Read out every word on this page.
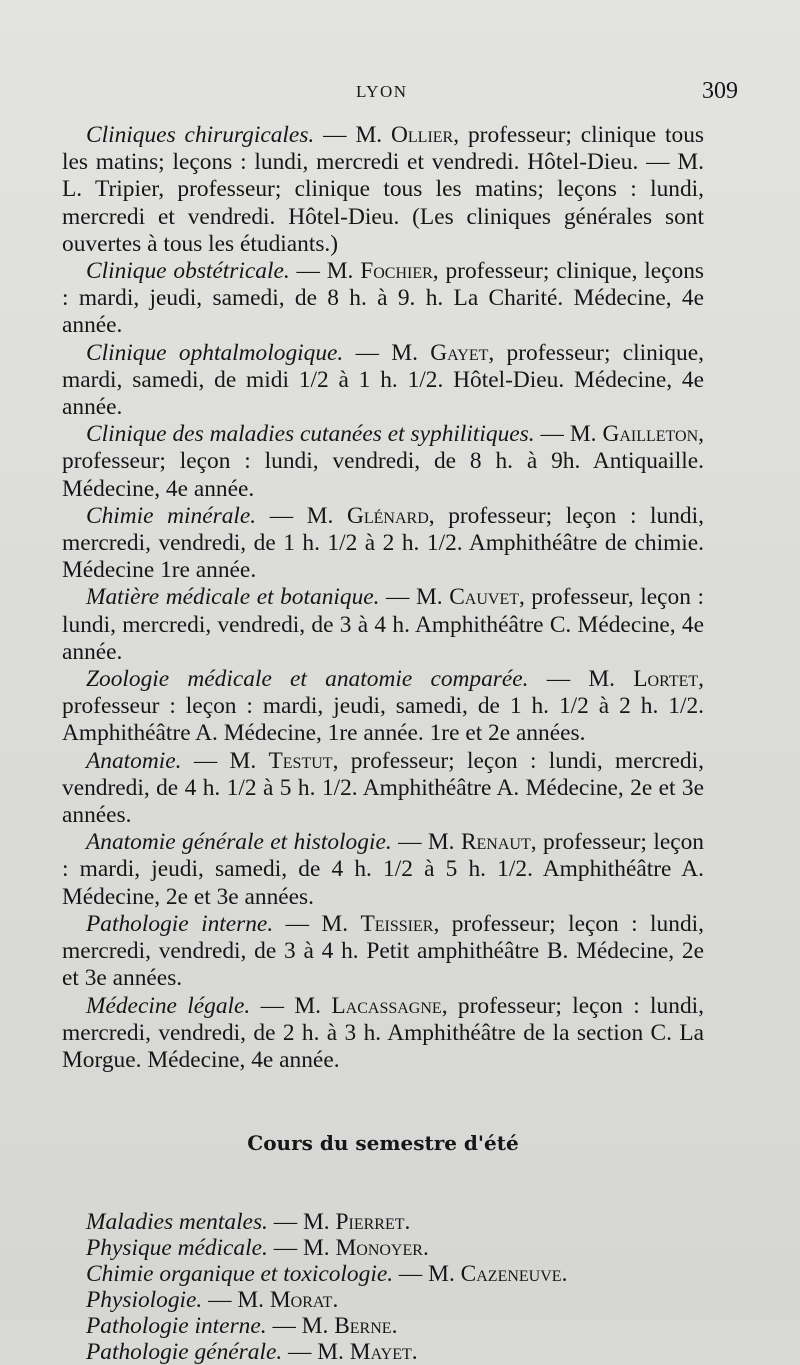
LYON	309

Cliniques chirurgicales. — M. Ollier, professeur; clinique tous les matins; leçons : lundi, mercredi et vendredi. Hôtel-Dieu. — M. L. Tripier, professeur; clinique tous les matins; leçons : lundi, mercredi et vendredi. Hôtel-Dieu. (Les cliniques générales sont ouvertes à tous les étudiants.)

Clinique obstétricale. — M. Fochier, professeur; clinique, leçons : mardi, jeudi, samedi, de 8 h. à 9. h. La Charité. Médecine, 4e année.

Clinique ophtalmologique. — M. Gayet, professeur; clinique, mardi, samedi, de midi 1/2 à 1 h. 1/2. Hôtel-Dieu. Médecine, 4e année.

Clinique des maladies cutanées et syphilitiques. — M. Gailleton, professeur; leçon : lundi, vendredi, de 8 h. à 9h. Antiquaille. Médecine, 4e année.

Chimie minérale. — M. Glénard, professeur; leçon : lundi, mercredi, vendredi, de 1 h. 1/2 à 2 h. 1/2. Amphithéâtre de chimie. Médecine 1re année.

Matière médicale et botanique. — M. Cauvet, professeur, leçon : lundi, mercredi, vendredi, de 3 à 4 h. Amphithéâtre C. Médecine, 4e année.

Zoologie médicale et anatomie comparée. — M. Lortet, professeur : leçon : mardi, jeudi, samedi, de 1 h. 1/2 à 2 h. 1/2. Amphithéâtre A. Médecine, 1re année. 1re et 2e années.

Anatomie. — M. Testut, professeur; leçon : lundi, mercredi, vendredi, de 4 h. 1/2 à 5 h. 1/2. Amphithéâtre A. Médecine, 2e et 3e années.

Anatomie générale et histologie. — M. Renaut, professeur; leçon : mardi, jeudi, samedi, de 4 h. 1/2 à 5 h. 1/2. Amphithéâtre A. Médecine, 2e et 3e années.

Pathologie interne. — M. Teissier, professeur; leçon : lundi, mercredi, vendredi, de 3 à 4 h. Petit amphithéâtre B. Médecine, 2e et 3e années.

Médecine légale. — M. Lacassagne, professeur; leçon : lundi, mercredi, vendredi, de 2 h. à 3 h. Amphithéâtre de la section C. La Morgue. Médecine, 4e année.

Cours du semestre d'été

Maladies mentales. — M. Pierret.

Physique médicale. — M. Monoyer.

Chimie organique et toxicologie. — M. Cazeneuve.

Physiologie. — M. Morat.

Pathologie interne. — M. Berne.

Pathologie générale. — M. Mayet.
